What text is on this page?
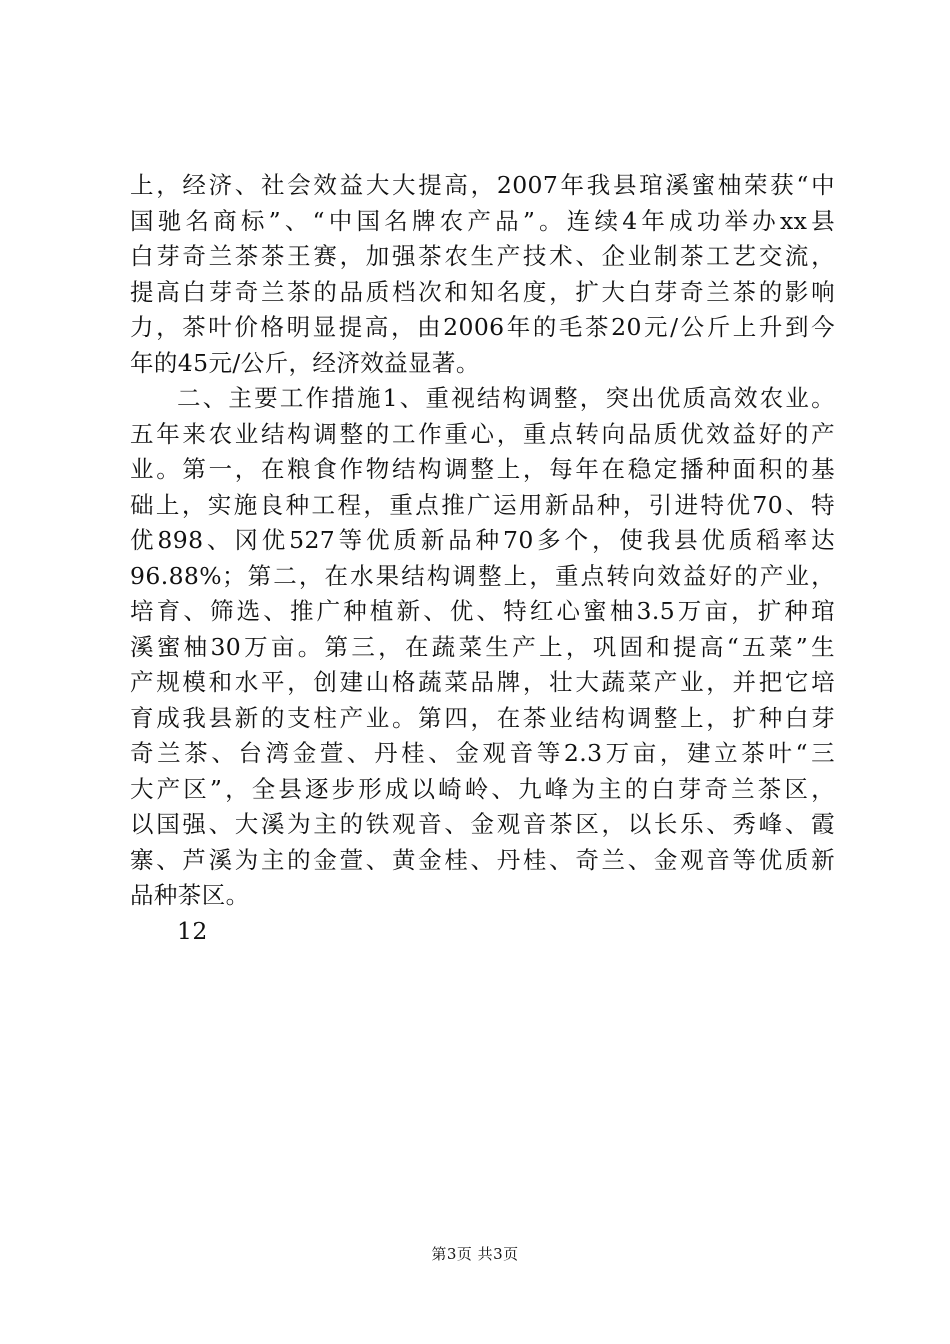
上，经济、社会效益大大提高，2007年我县琯溪蜜柚荣获“中
国驰名商标”、“中国名牌农产品”。连续4年成功举办xx县
白芽奇兰茶茶王赛，加强茶农生产技术、企业制茶工艺交流，
提高白芽奇兰茶的品质档次和知名度，扩大白芽奇兰茶的影响
力，茶叶价格明显提高，由2006年的毛茶20元/公斤上升到今
年的45元/公斤，经济效益显著。
二、主要工作措施1、重视结构调整，突出优质高效农业。
五年来农业结构调整的工作重心，重点转向品质优效益好的产
业。第一，在粮食作物结构调整上，每年在稳定播种面积的基
础上，实施良种工程，重点推广运用新品种，引进特优70、特
优898、冈优527等优质新品种70多个，使我县优质稻率达
96.88%；第二，在水果结构调整上，重点转向效益好的产业，
培育、筛选、推广种植新、优、特红心蜜柚3.5万亩，扩种琯
溪蜜柚30万亩。第三，在蔬菜生产上，巩固和提高“五菜”生
产规模和水平，创建山格蔬菜品牌，壮大蔬菜产业，并把它培
育成我县新的支柱产业。第四，在茶业结构调整上，扩种白芽
奇兰茶、台湾金萱、丹桂、金观音等2.3万亩，建立茶叶“三
大产区”，全县逐步形成以崎岭、九峰为主的白芽奇兰茶区，
以国强、大溪为主的铁观音、金观音茶区，以长乐、秀峰、霞
寨、芦溪为主的金萱、黄金桂、丹桂、奇兰、金观音等优质新
品种茶区。
12
第3页 共3页
